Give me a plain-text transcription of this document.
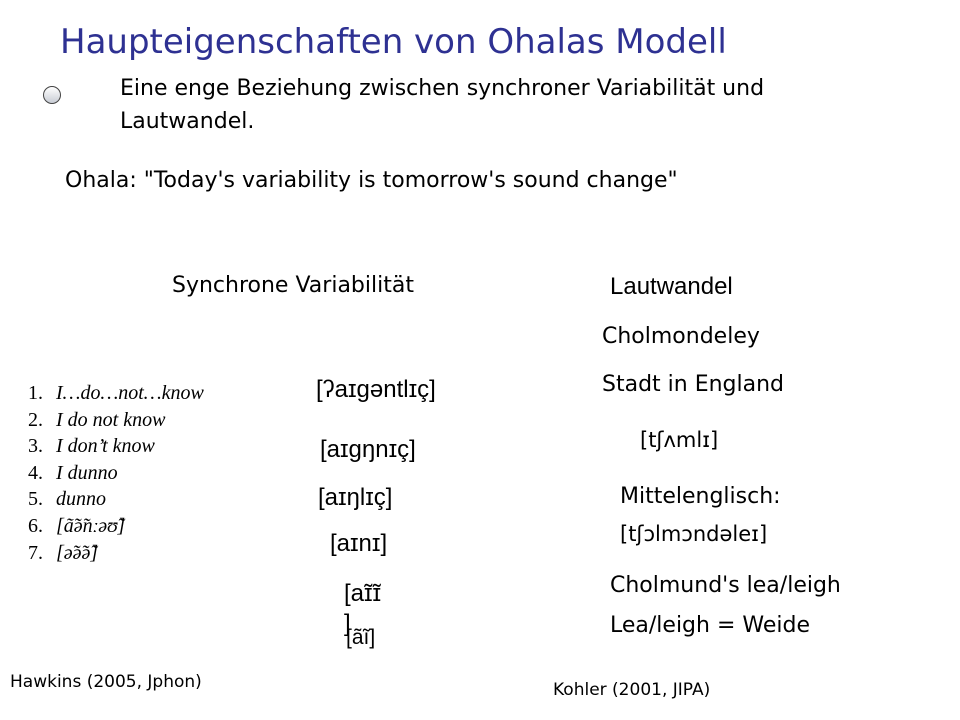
Haupteigenschaften von Ohalas Modell
Eine enge Beziehung zwischen synchroner Variabilität und Lautwandel.
Ohala: "Today's variability is tomorrow's sound change"
Synchrone Variabilität	Lautwandel
1. I…do…not…know
2. I do not know
3. I don’t know
4. I dunno
5. dunno
6. [ã̃ə̃nːəʊ̃]
7. [ə̃ə̃ə̃]
[ʔaɪɡəntlɪç]
[aɪɡŋnɪç]
[aɪŋlɪç]
[aɪnɪ]
[aɪ̃ɪ̃
]
[ãĩ]
Cholmondeley
Stadt in England
[tʃʌmlɪ]
Mittelenglisch:
[tʃɔlmɔndəleɪ]
Cholmund's lea/leigh
Lea/leigh = Weide
Hawkins (2005, Jphon)	Kohler (2001, JIPA)
